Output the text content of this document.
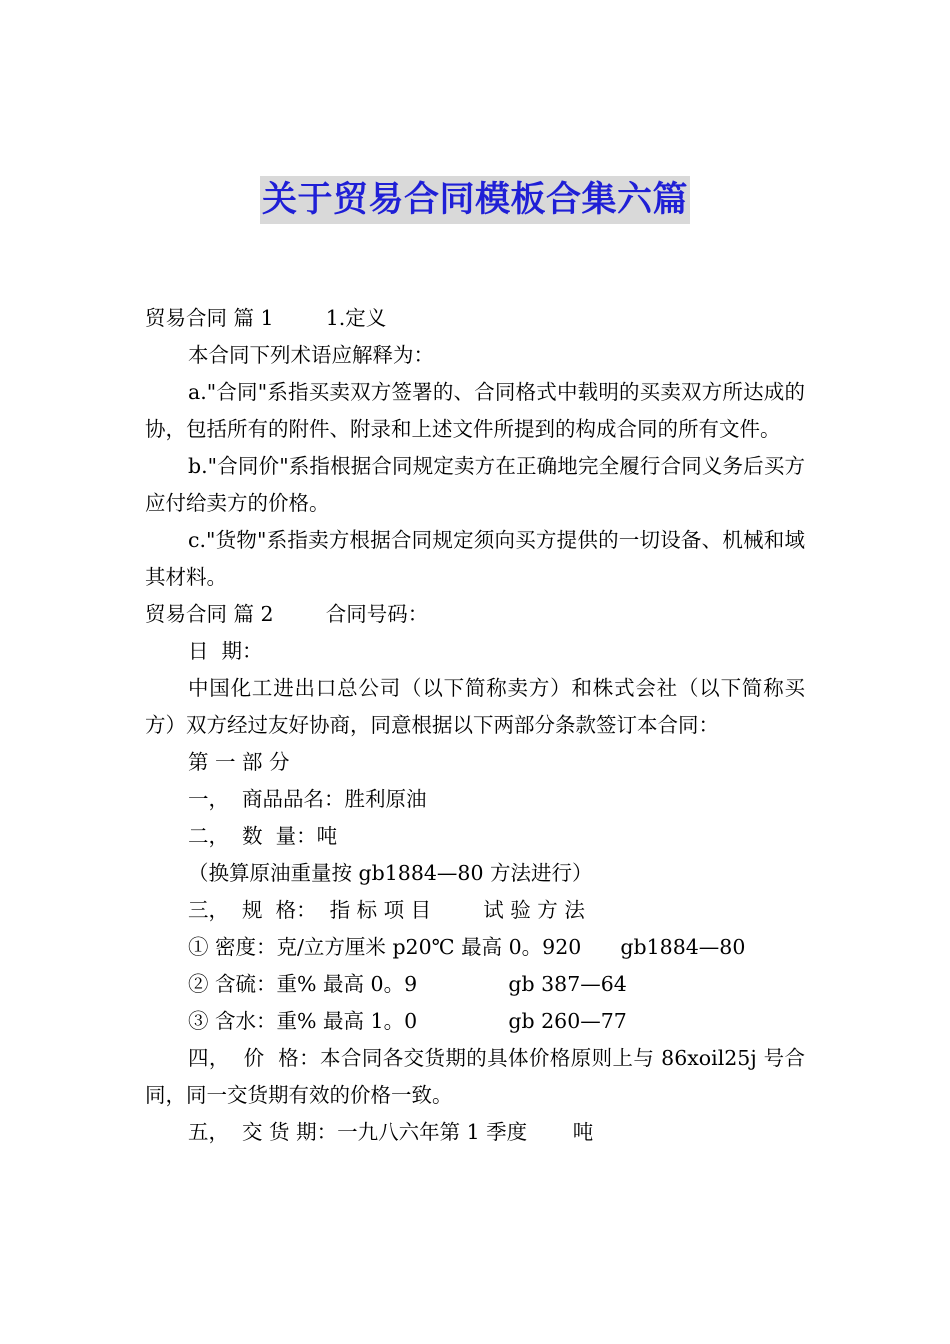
关于贸易合同模板合集六篇

贸易合同 篇 1        1.定义

本合同下列术语应解释为：

a."合同"系指买卖双方签署的、合同格式中载明的买卖双方所达成的协，包括所有的附件、附录和上述文件所提到的构成合同的所有文件。

b."合同价"系指根据合同规定卖方在正确地完全履行合同义务后买方应付给卖方的价格。

c."货物"系指卖方根据合同规定须向买方提供的一切设备、机械和域其材料。

贸易合同 篇 2        合同号码：

日  期：

中国化工进出口总公司（以下简称卖方）和株式会社（以下简称买方）双方经过友好协商，同意根据以下两部分条款签订本合同：

第 一 部 分

一，  商品品名：胜利原油

二，  数  量：吨

（换算原油重量按 gb1884—80 方法进行）

三，  规  格：  指 标 项 目        试 验 方 法

① 密度：克/立方厘米 p20℃ 最高 0。920      gb1884—80

② 含硫：重% 最高 0。9              gb 387—64

③ 含水：重% 最高 1。0              gb 260—77

四，  价  格：本合同各交货期的具体价格原则上与 86xoil25j 号合同，同一交货期有效的价格一致。

五，  交 货 期：一九八六年第 1 季度       吨
